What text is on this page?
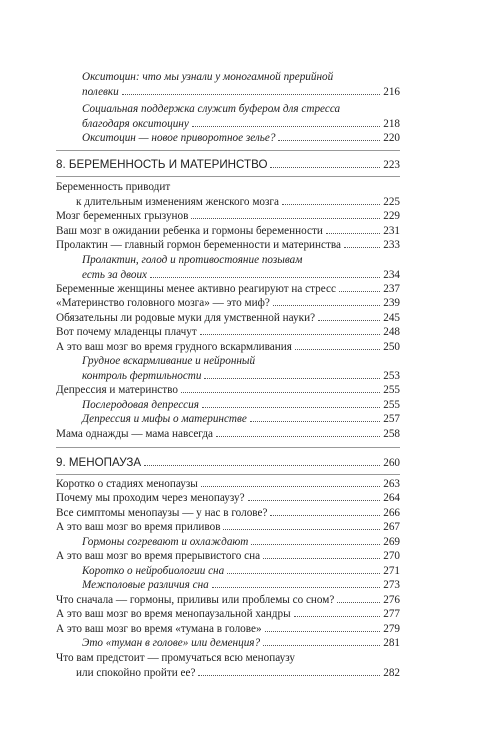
Окситоцин: что мы узнали у моногамной прерийной
полевки	216
Социальная поддержка служит буфером для стресса
благодаря окситоцину	218
Окситоцин — новое приворотное зелье?	220
8. БЕРЕМЕННОСТЬ И МАТЕРИНСТВО	223
Беременность приводит
к длительным изменениям женского мозга	225
Мозг беременных грызунов	229
Ваш мозг в ожидании ребенка и гормоны беременности	231
Пролактин — главный гормон беременности и материнства	233
Пролактин, голод и противостояние позывам
есть за двоих	234
Беременные женщины менее активно реагируют на стресс	237
«Материнство головного мозга» — это миф?	239
Обязательны ли родовые муки для умственной науки?	245
Вот почему младенцы плачут	248
А это ваш мозг во время грудного вскармливания	250
Грудное вскармливание и нейронный
контроль фертильности	253
Депрессия и материнство	255
Послеродовая депрессия	255
Депрессия и мифы о материнстве	257
Мама однажды — мама навсегда	258
9. МЕНОПАУЗА	260
Коротко о стадиях менопаузы	263
Почему мы проходим через менопаузу?	264
Все симптомы менопаузы — у нас в голове?	266
А это ваш мозг во время приливов	267
Гормоны согревают и охлаждают	269
А это ваш мозг во время прерывистого сна	270
Коротко о нейробиологии сна	271
Межполовые различия сна	273
Что сначала — гормоны, приливы или проблемы со сном?	276
А это ваш мозг во время менопаузальной хандры	277
А это ваш мозг во время «тумана в голове»	279
Это «туман в голове» или деменция?	281
Что вам предстоит — промучаться всю менопаузу
или спокойно пройти ее?	282
